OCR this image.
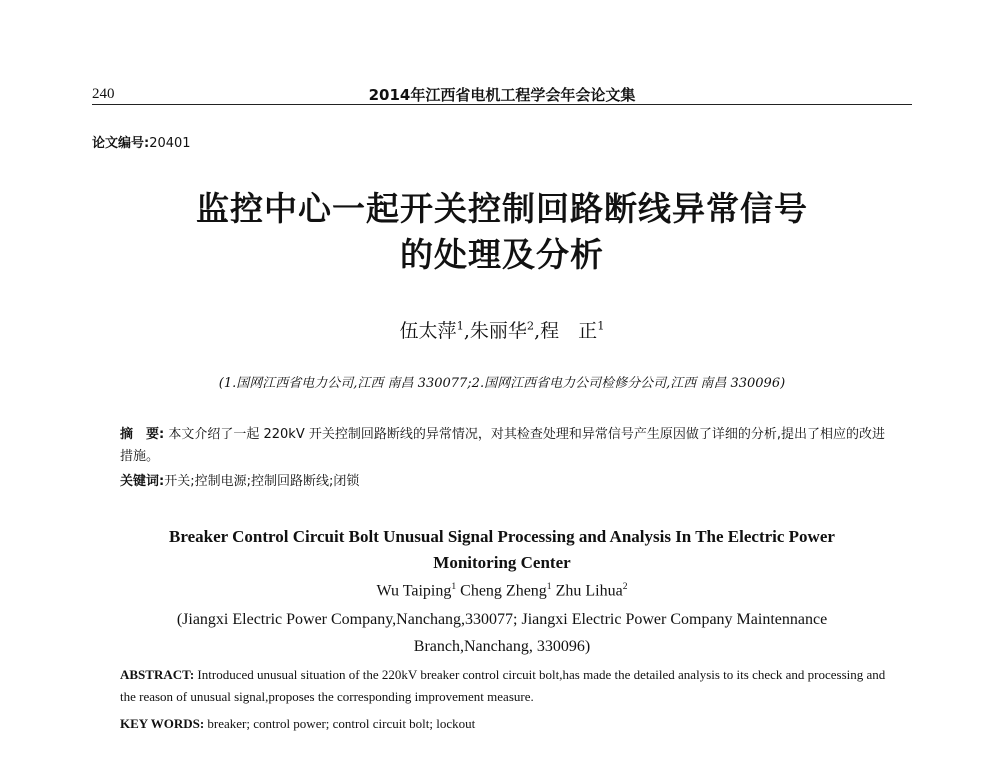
240	2014年江西省电机工程学会年会论文集
论文编号:20401
监控中心一起开关控制回路断线异常信号
的处理及分析
伍太萍$^1$,朱丽华$^2$,程　正$^1$
(1.国网江西省电力公司,江西 南昌 330077;2.国网江西省电力公司检修分公司,江西 南昌 330096)
摘　要: 本文介绍了一起 220kV 开关控制回路断线的异常情况，对其检查处理和异常信号产生原因做了详细的分析,提出了相应的改进措施。
关键词:开关;控制电源;控制回路断线;闭锁
Breaker Control Circuit Bolt Unusual Signal Processing and Analysis In The Electric Power
Monitoring Center
Wu Taiping$^1$ Cheng Zheng$^1$ Zhu Lihua$^2$
(Jiangxi Electric Power Company,Nanchang,330077; Jiangxi Electric Power Company Maintennance
Branch,Nanchang, 330096)
ABSTRACT: Introduced unusual situation of the 220kV breaker control circuit bolt,has made the detailed analysis to its check and processing and the reason of unusual signal,proposes the corresponding improvement measure.
KEY WORDS: breaker; control power; control circuit bolt; lockout
